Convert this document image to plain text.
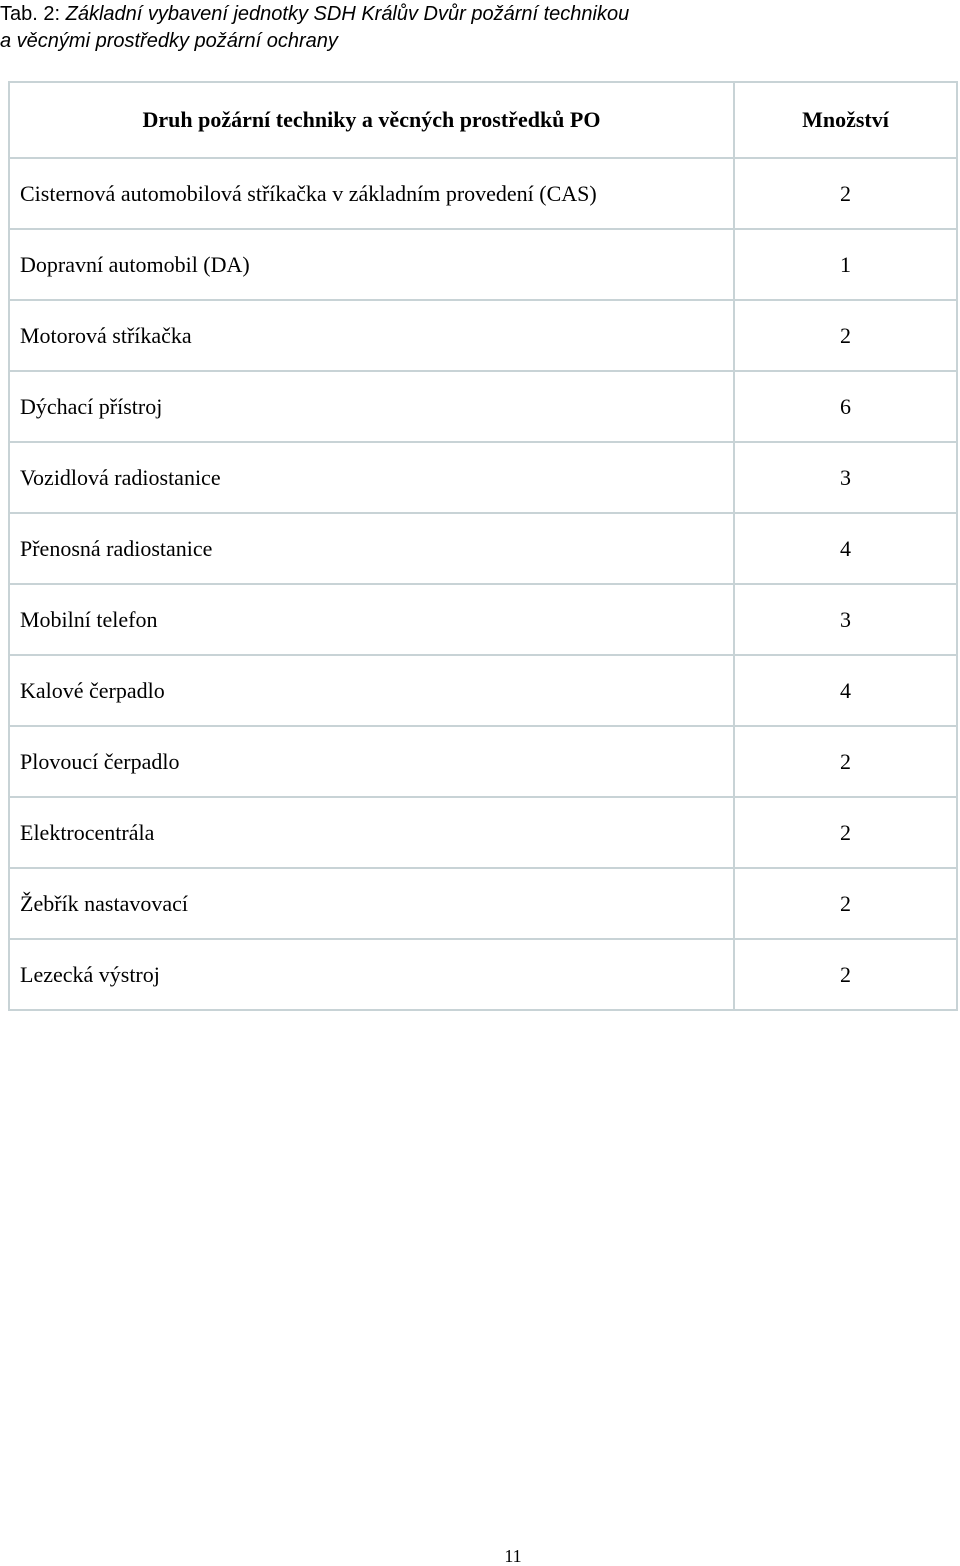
Tab. 2: Základní vybavení jednotky SDH Králův Dvůr požární technikou
a věcnými prostředky požární ochrany
Druh požární techniky a věcných prostředků PO	Množství
Cisternová automobilová stříkačka v základním provedení (CAS)	2
Dopravní automobil (DA)	1
Motorová stříkačka	2
Dýchací přístroj	6
Vozidlová radiostanice	3
Přenosná radiostanice	4
Mobilní telefon	3
Kalové čerpadlo	4
Plovoucí čerpadlo	2
Elektrocentrála	2
Žebřík nastavovací	2
Lezecká výstroj	2
11
